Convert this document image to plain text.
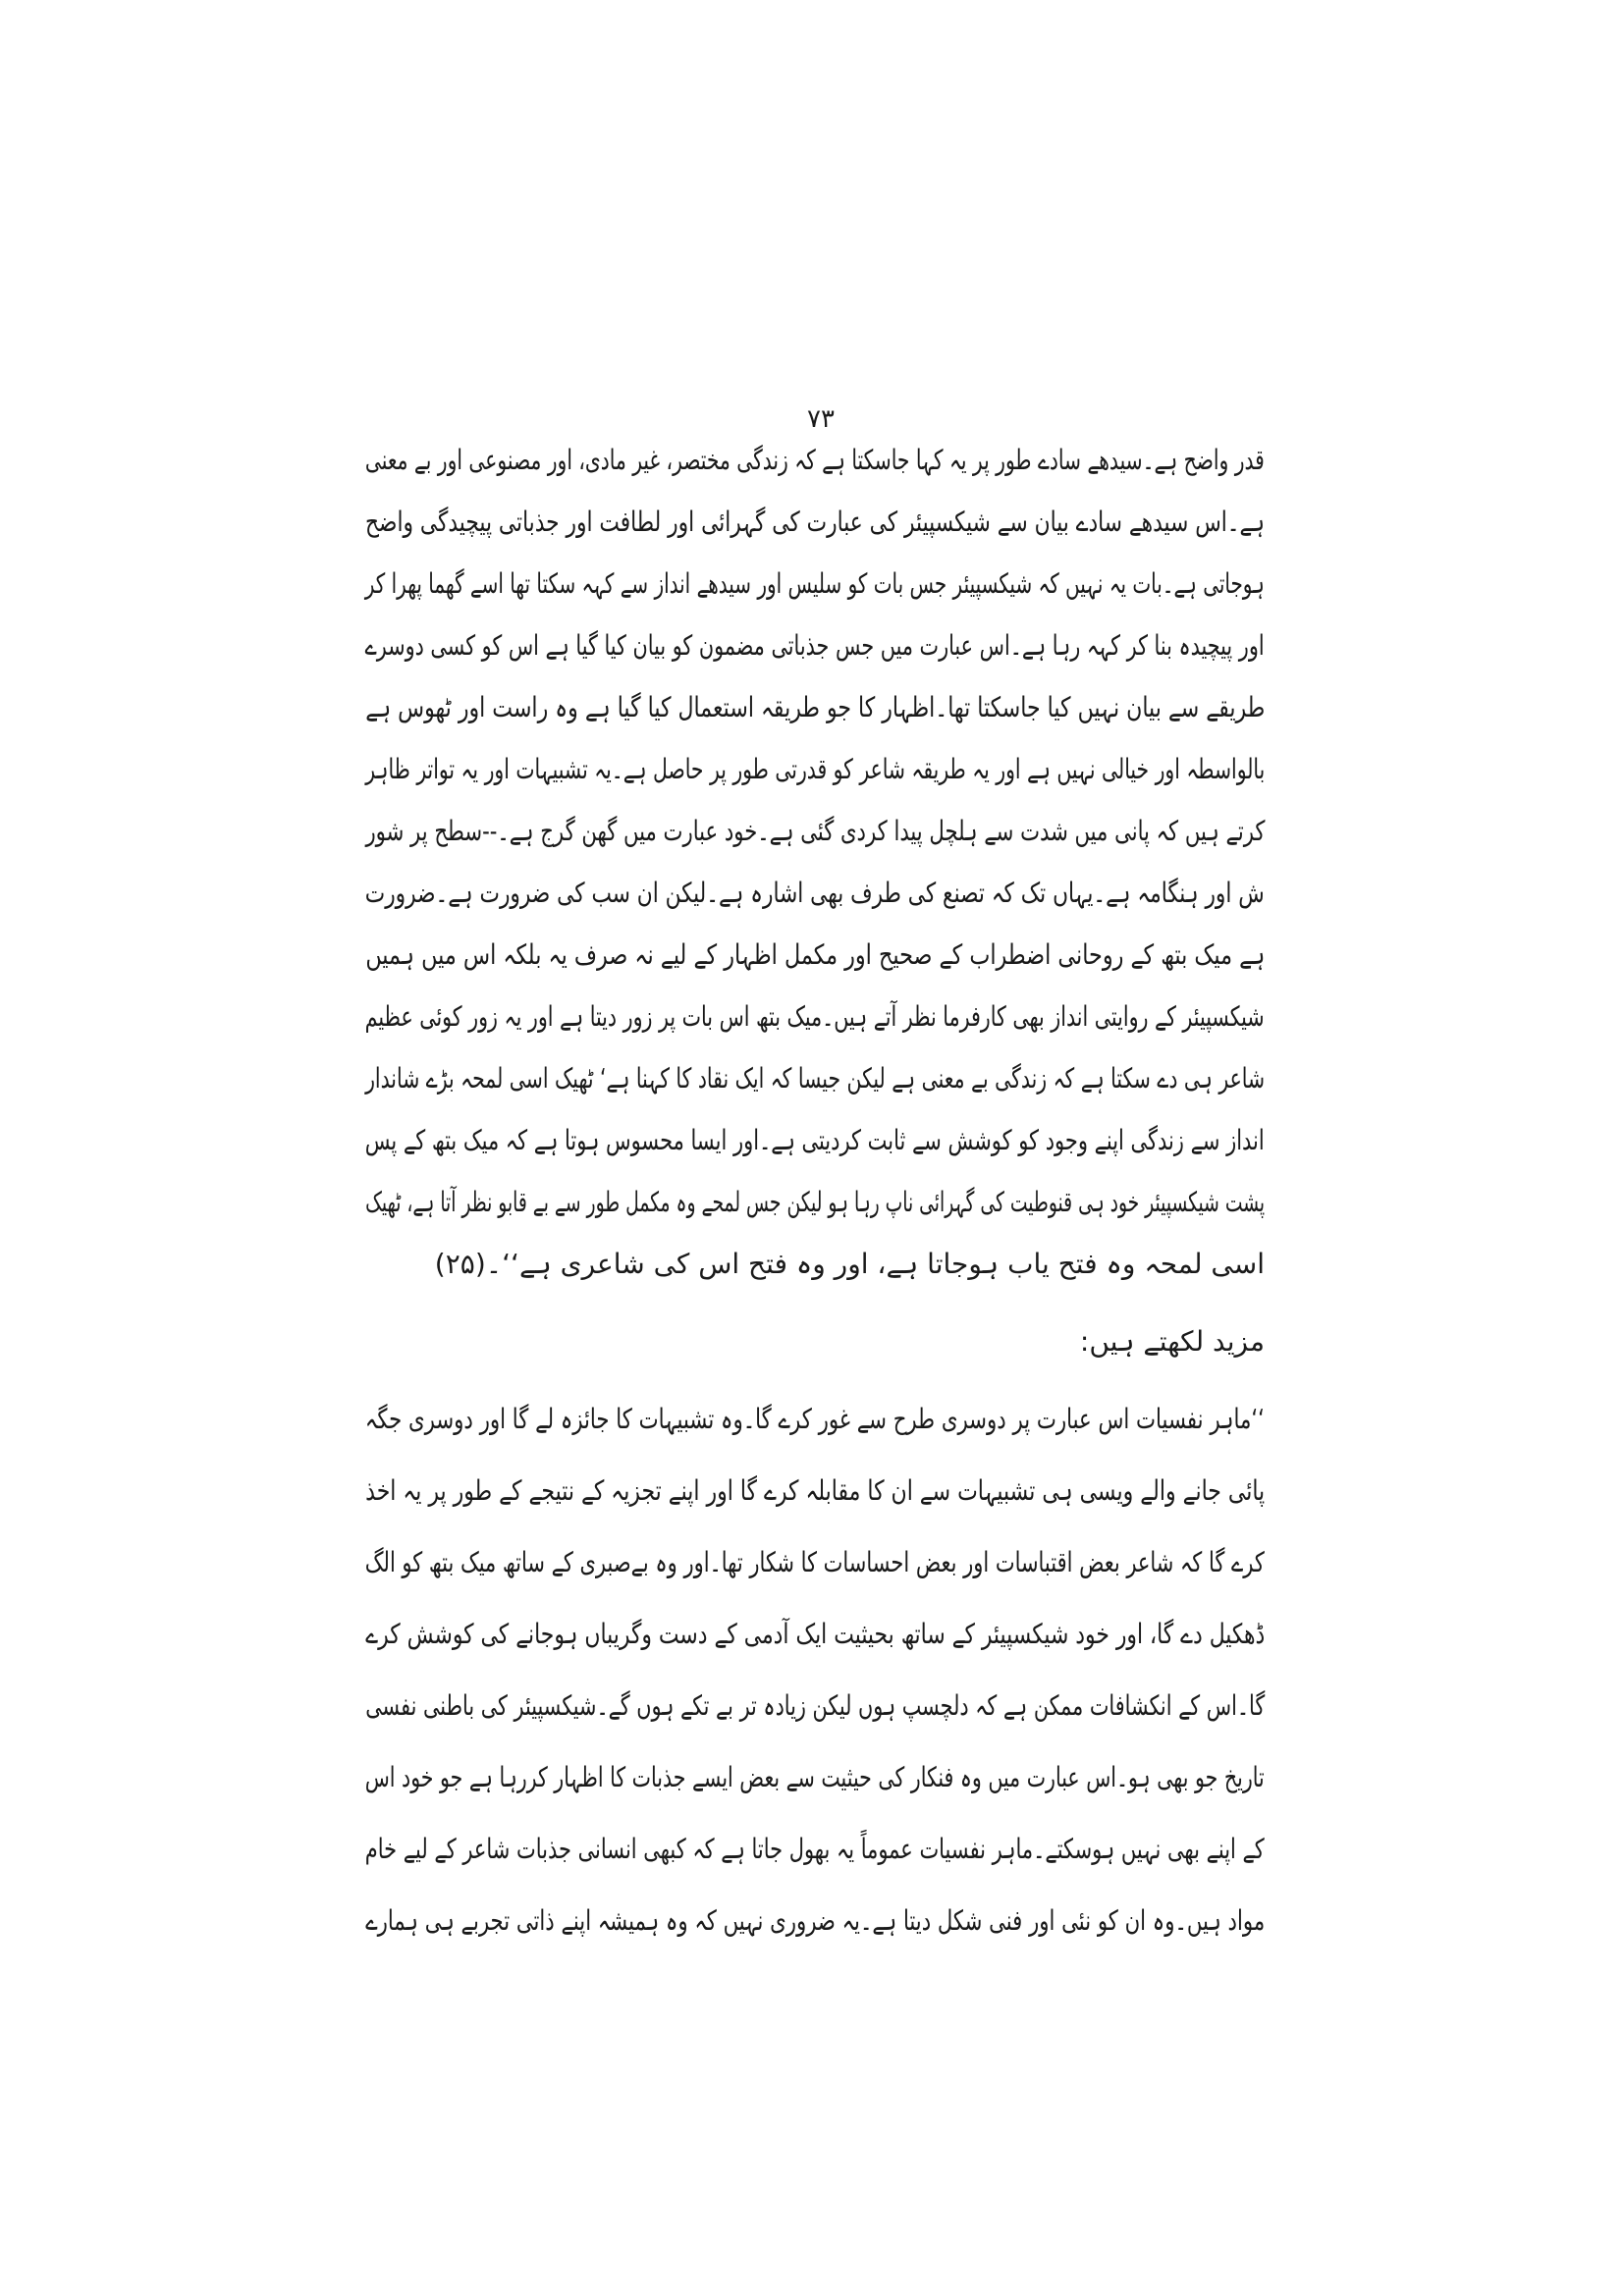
۷۳
قدر واضح ہے۔سیدھے سادے طور پر یہ کہا جاسکتا ہے کہ زندگی مختصر، غیر مادی، اور مصنوعی اور بے معنی
ہے۔اس سیدھے سادے بیان سے شیکسپیئر کی عبارت کی گہرائی اور لطافت اور جذباتی پیچیدگی واضح
ہوجاتی ہے۔بات یہ نہیں کہ شیکسپیئر جس بات کو سلیس اور سیدھے انداز سے کہہ سکتا تھا اسے گھما پھرا کر
اور پیچیدہ بنا کر کہہ رہا ہے۔اس عبارت میں جس جذباتی مضمون کو بیان کیا گیا ہے اس کو کسی دوسرے
طریقے سے بیان نہیں کیا جاسکتا تھا۔اظہار کا جو طریقہ استعمال کیا گیا ہے وہ راست اور ٹھوس ہے
بالواسطہ اور خیالی نہیں ہے اور یہ طریقہ شاعر کو قدرتی طور پر حاصل ہے۔یہ تشبیہات اور یہ تواتر ظاہر
کرتے ہیں کہ پانی میں شدت سے ہلچل پیدا کردی گئی ہے۔خود عبارت میں گھن گرج ہے۔--سطح پر شور
ش اور ہنگامہ ہے۔یہاں تک کہ تصنع کی طرف بھی اشارہ ہے۔لیکن ان سب کی ضرورت ہے۔ضرورت
ہے میک بتھ کے روحانی اضطراب کے صحیح اور مکمل اظہار کے لیے نہ صرف یہ بلکہ اس میں ہمیں
شیکسپیئر کے روایتی انداز بھی کارفرما نظر آتے ہیں۔میک بتھ اس بات پر زور دیتا ہے اور یہ زور کوئی عظیم
شاعر ہی دے سکتا ہے کہ زندگی بے معنی ہے لیکن جیسا کہ ایک نقاد کا کہنا ہے‘ ٹھیک اسی لمحہ بڑے شاندار
انداز سے زندگی اپنے وجود کو کوشش سے ثابت کردیتی ہے۔اور ایسا محسوس ہوتا ہے کہ میک بتھ کے پس
پشت شیکسپیئر خود ہی قنوطیت کی گہرائی ناپ رہا ہو لیکن جس لمحے وہ مکمل طور سے بے قابو نظر آتا ہے، ٹھیک
اسی لمحہ وہ فتح یاب ہوجاتا ہے، اور وہ فتح اس کی شاعری ہے‘‘۔(۲۵)
مزید لکھتے ہیں:
‘‘ماہر نفسیات اس عبارت پر دوسری طرح سے غور کرے گا۔وہ تشبیہات کا جائزہ لے گا اور دوسری جگہ
پائی جانے والے ویسی ہی تشبیہات سے ان کا مقابلہ کرے گا اور اپنے تجزیہ کے نتیجے کے طور پر یہ اخذ
کرے گا کہ شاعر بعض اقتباسات اور بعض احساسات کا شکار تھا۔اور وہ بےصبری کے ساتھ میک بتھ کو الگ
ڈھکیل دے گا، اور خود شیکسپیئر کے ساتھ بحیثیت ایک آدمی کے دست وگریباں ہوجانے کی کوشش کرے
گا۔اس کے انکشافات ممکن ہے کہ دلچسپ ہوں لیکن زیادہ تر بے تکے ہوں گے۔شیکسپیئر کی باطنی نفسی
تاریخ جو بھی ہو۔اس عبارت میں وہ فنکار کی حیثیت سے بعض ایسے جذبات کا اظہار کررہا ہے جو خود اس
کے اپنے بھی نہیں ہوسکتے۔ماہر نفسیات عموماً یہ بھول جاتا ہے کہ کبھی انسانی جذبات شاعر کے لیے خام
مواد ہیں۔وہ ان کو نئی اور فنی شکل دیتا ہے۔یہ ضروری نہیں کہ وہ ہمیشہ اپنے ذاتی تجربے ہی ہمارے
